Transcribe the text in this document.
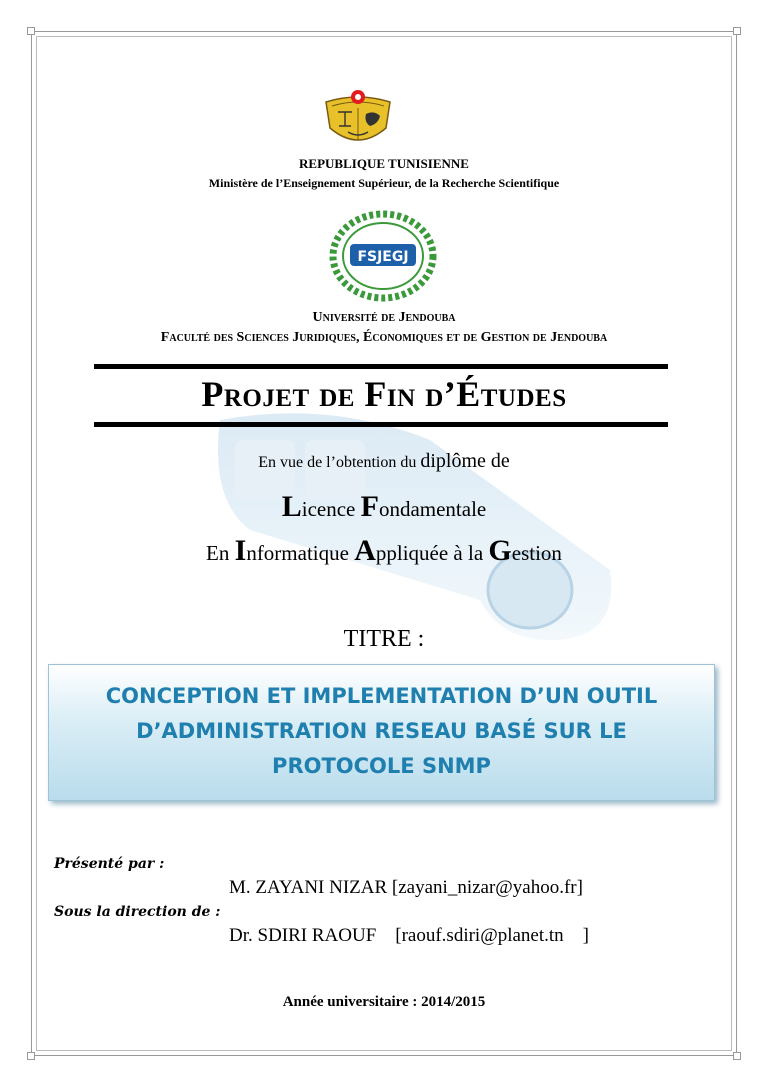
REPUBLIQUE TUNISIENNE
Ministère de l’Enseignement Supérieur, de la Recherche Scientifique
FSJEGJ
Université de Jendouba
Faculté des Sciences Juridiques, Économiques et de Gestion de Jendouba
Projet de Fin d’Études
En vue de l’obtention du diplôme de
Licence Fondamentale
En Informatique Appliquée à la Gestion
TITRE :
CONCEPTION ET IMPLEMENTATION D’UN OUTIL
D’ADMINISTRATION RESEAU BASÉ SUR LE
PROTOCOLE SNMP
Présenté par :
M. ZAYANI NIZAR [zayani_nizar@yahoo.fr]
Sous la direction de :
Dr. SDIRI RAOUF    [raouf.sdiri@planet.tn    ]
Année universitaire : 2014/2015
